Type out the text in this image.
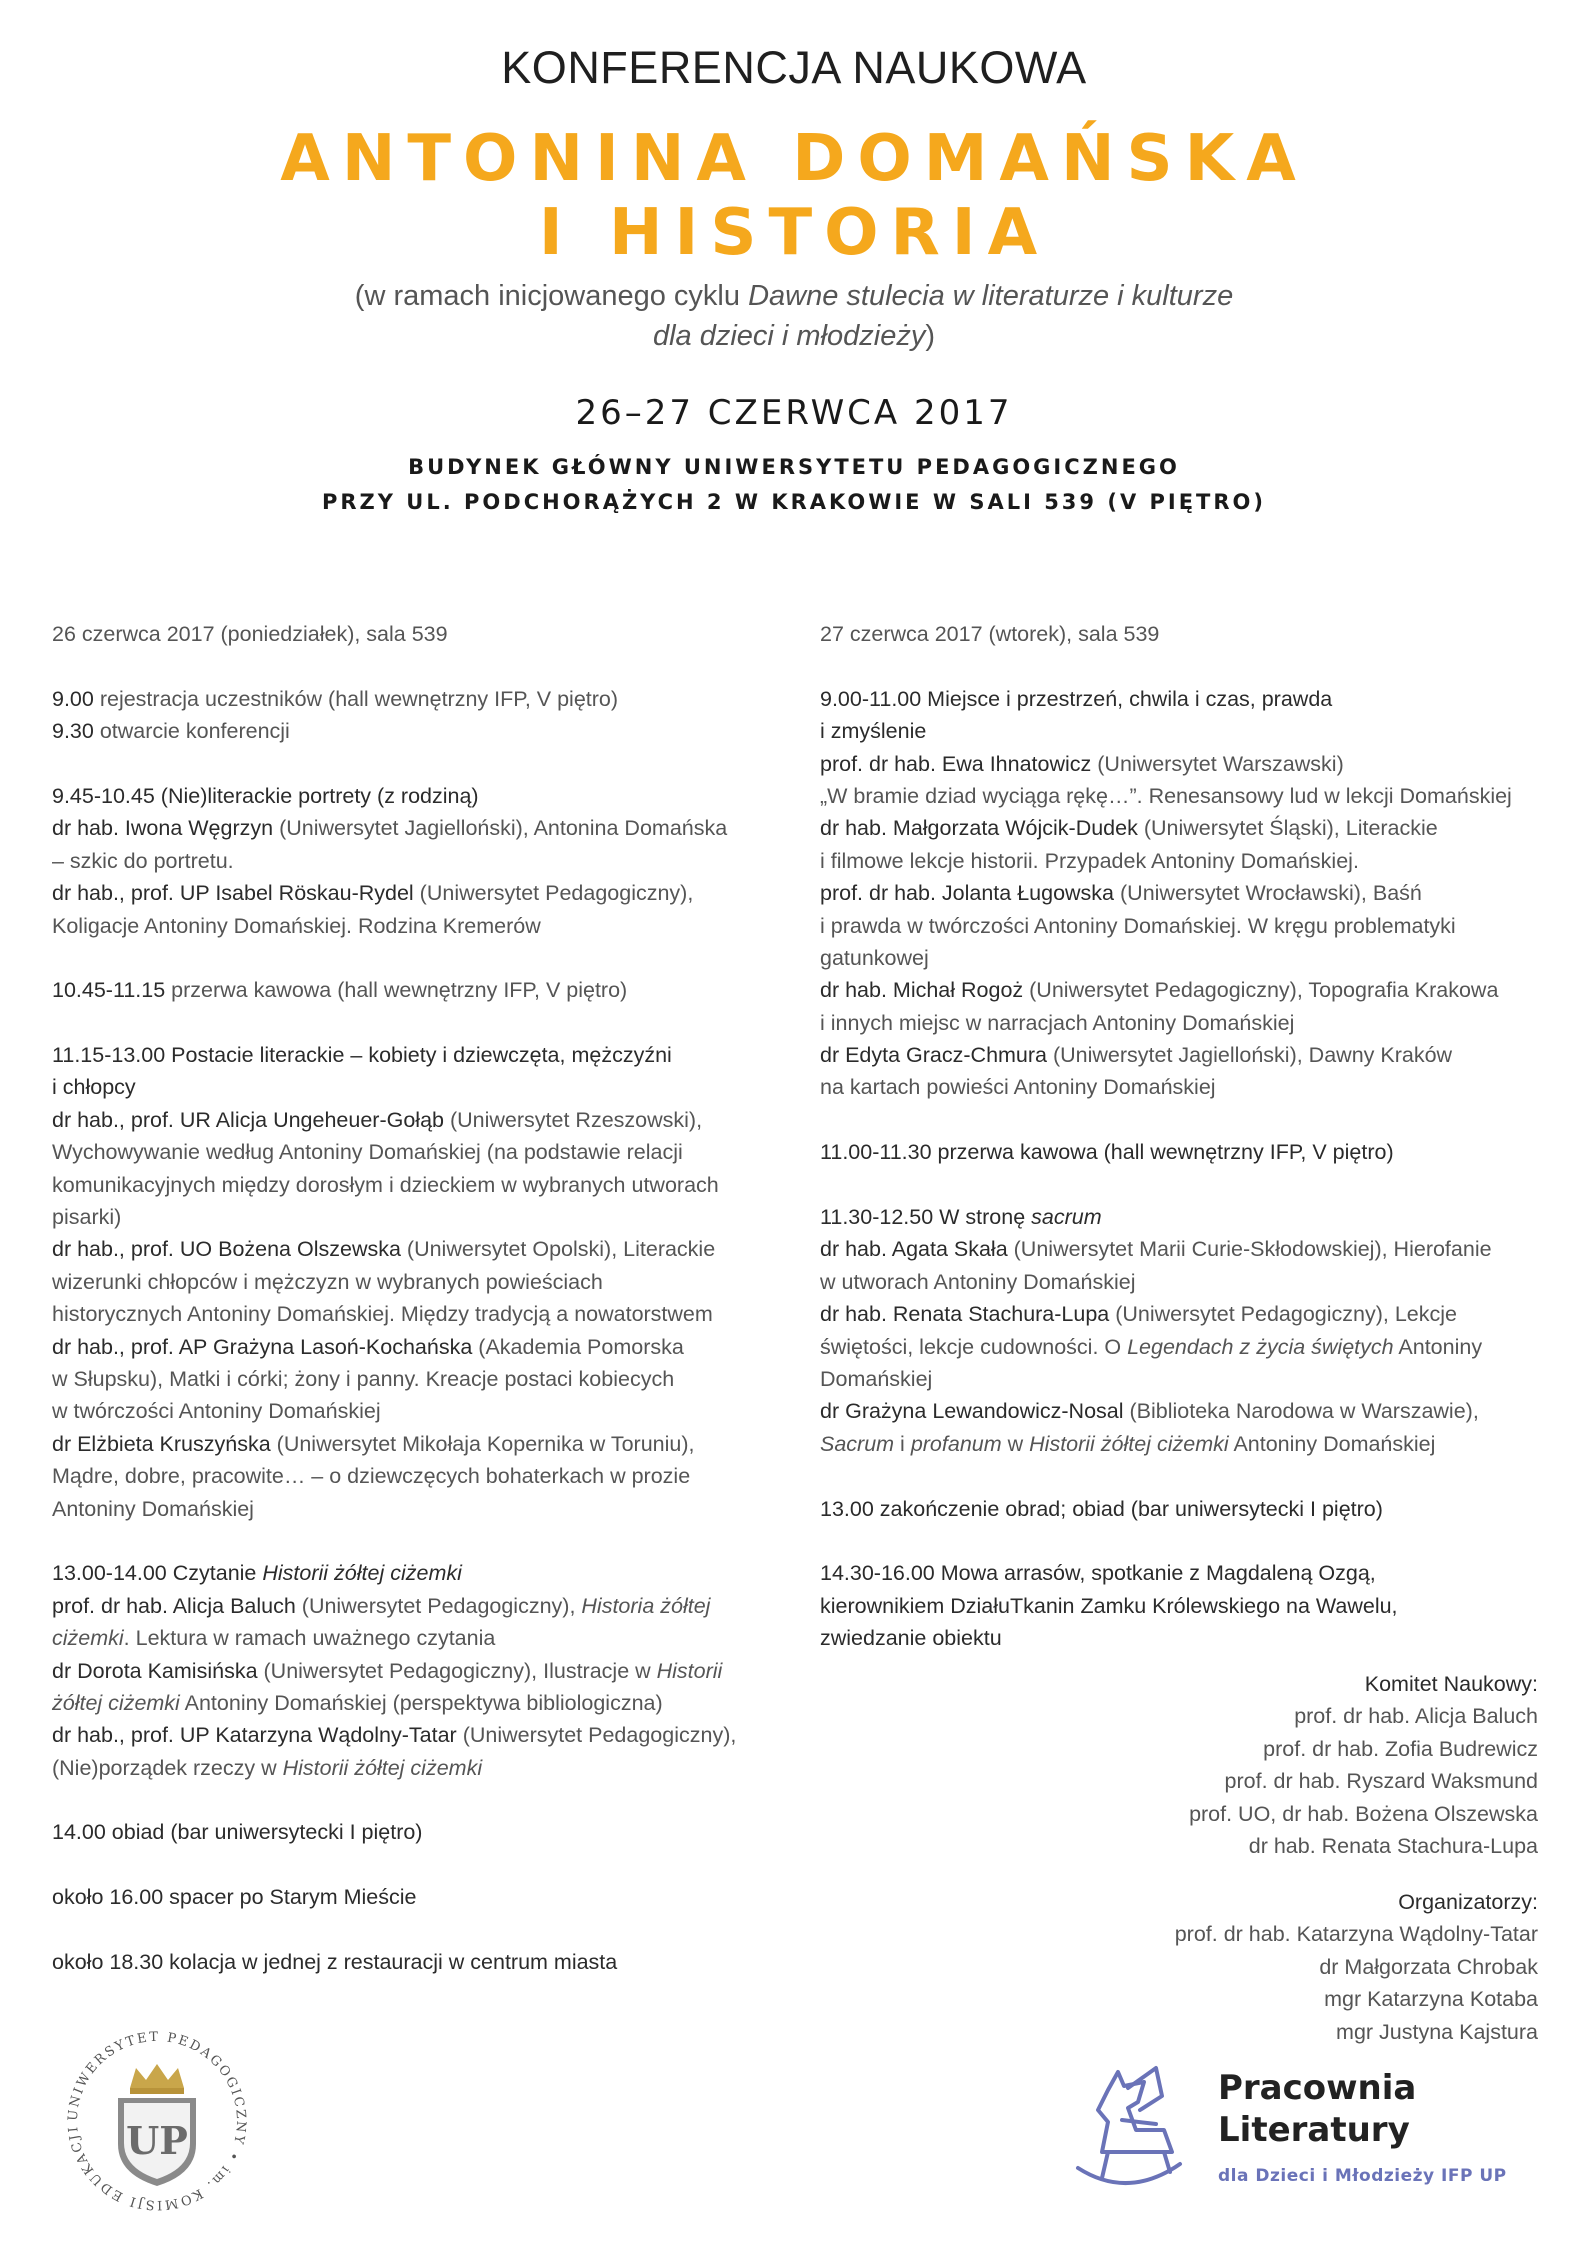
KONFERENCJA NAUKOWA
ANTONINA DOMAŃSKA
I HISTORIA
(w ramach inicjowanego cyklu Dawne stulecia w literaturze i kulturze
dla dzieci i młodzieży)
26–27 CZERWCA 2017
BUDYNEK GŁÓWNY UNIWERSYTETU PEDAGOGICZNEGO
PRZY UL. PODCHORĄŻYCH 2 W KRAKOWIE W SALI 539 (V PIĘTRO)
26 czerwca 2017 (poniedziałek), sala 539
9.00 rejestracja uczestników (hall wewnętrzny IFP, V piętro)
9.30 otwarcie konferencji
9.45-10.45 (Nie)literackie portrety (z rodziną)
dr hab. Iwona Węgrzyn (Uniwersytet Jagielloński), Antonina Domańska
– szkic do portretu.
dr hab., prof. UP Isabel Röskau-Rydel (Uniwersytet Pedagogiczny),
Koligacje Antoniny Domańskiej. Rodzina Kremerów
10.45-11.15 przerwa kawowa (hall wewnętrzny IFP, V piętro)
11.15-13.00 Postacie literackie – kobiety i dziewczęta, mężczyźni
i chłopcy
dr hab., prof. UR Alicja Ungeheuer-Gołąb (Uniwersytet Rzeszowski),
Wychowywanie według Antoniny Domańskiej (na podstawie relacji
komunikacyjnych między dorosłym i dzieckiem w wybranych utworach
pisarki)
dr hab., prof. UO Bożena Olszewska (Uniwersytet Opolski), Literackie
wizerunki chłopców i mężczyzn w wybranych powieściach
historycznych Antoniny Domańskiej. Między tradycją a nowatorstwem
dr hab., prof. AP Grażyna Lasoń-Kochańska (Akademia Pomorska
w Słupsku), Matki i córki; żony i panny. Kreacje postaci kobiecych
w twórczości Antoniny Domańskiej
dr Elżbieta Kruszyńska (Uniwersytet Mikołaja Kopernika w Toruniu),
Mądre, dobre, pracowite… – o dziewczęcych bohaterkach w prozie
Antoniny Domańskiej
13.00-14.00 Czytanie Historii żółtej ciżemki
prof. dr hab. Alicja Baluch (Uniwersytet Pedagogiczny), Historia żółtej
ciżemki. Lektura w ramach uważnego czytania
dr Dorota Kamisińska (Uniwersytet Pedagogiczny), Ilustracje w Historii
żółtej ciżemki Antoniny Domańskiej (perspektywa bibliologiczna)
dr hab., prof. UP Katarzyna Wądolny-Tatar (Uniwersytet Pedagogiczny),
(Nie)porządek rzeczy w Historii żółtej ciżemki
14.00 obiad (bar uniwersytecki I piętro)
około 16.00 spacer po Starym Mieście
około 18.30 kolacja w jednej z restauracji w centrum miasta
27 czerwca 2017 (wtorek), sala 539
9.00-11.00 Miejsce i przestrzeń, chwila i czas, prawda
i zmyślenie
prof. dr hab. Ewa Ihnatowicz (Uniwersytet Warszawski)
„W bramie dziad wyciąga rękę…”. Renesansowy lud w lekcji Domańskiej
dr hab. Małgorzata Wójcik-Dudek (Uniwersytet Śląski), Literackie
i filmowe lekcje historii. Przypadek Antoniny Domańskiej.
prof. dr hab. Jolanta Ługowska (Uniwersytet Wrocławski), Baśń
i prawda w twórczości Antoniny Domańskiej. W kręgu problematyki
gatunkowej
dr hab. Michał Rogoż (Uniwersytet Pedagogiczny), Topografia Krakowa
i innych miejsc w narracjach Antoniny Domańskiej
dr Edyta Gracz-Chmura (Uniwersytet Jagielloński), Dawny Kraków
na kartach powieści Antoniny Domańskiej
11.00-11.30 przerwa kawowa (hall wewnętrzny IFP, V piętro)
11.30-12.50 W stronę sacrum
dr hab. Agata Skała (Uniwersytet Marii Curie-Skłodowskiej), Hierofanie
w utworach Antoniny Domańskiej
dr hab. Renata Stachura-Lupa (Uniwersytet Pedagogiczny), Lekcje
świętości, lekcje cudowności. O Legendach z życia świętych Antoniny
Domańskiej
dr Grażyna Lewandowicz-Nosal (Biblioteka Narodowa w Warszawie),
Sacrum i profanum w Historii żółtej ciżemki Antoniny Domańskiej
13.00 zakończenie obrad; obiad (bar uniwersytecki I piętro)
14.30-16.00 Mowa arrasów, spotkanie z Magdaleną Ozgą,
kierownikiem DziałuTkanin Zamku Królewskiego na Wawelu,
zwiedzanie obiektu
Komitet Naukowy:
prof. dr hab. Alicja Baluch
prof. dr hab. Zofia Budrewicz
prof. dr hab. Ryszard Waksmund
prof. UO, dr hab. Bożena Olszewska
dr hab. Renata Stachura-Lupa
Organizatorzy:
prof. dr hab. Katarzyna Wądolny-Tatar
dr Małgorzata Chrobak
mgr Katarzyna Kotaba
mgr Justyna Kajstura
UNIWERSYTET PEDAGOGICZNY • im. KOMISJI EDUKACJI	UP
Pracownia
Literatury
dla Dzieci i Młodzieży IFP UP
